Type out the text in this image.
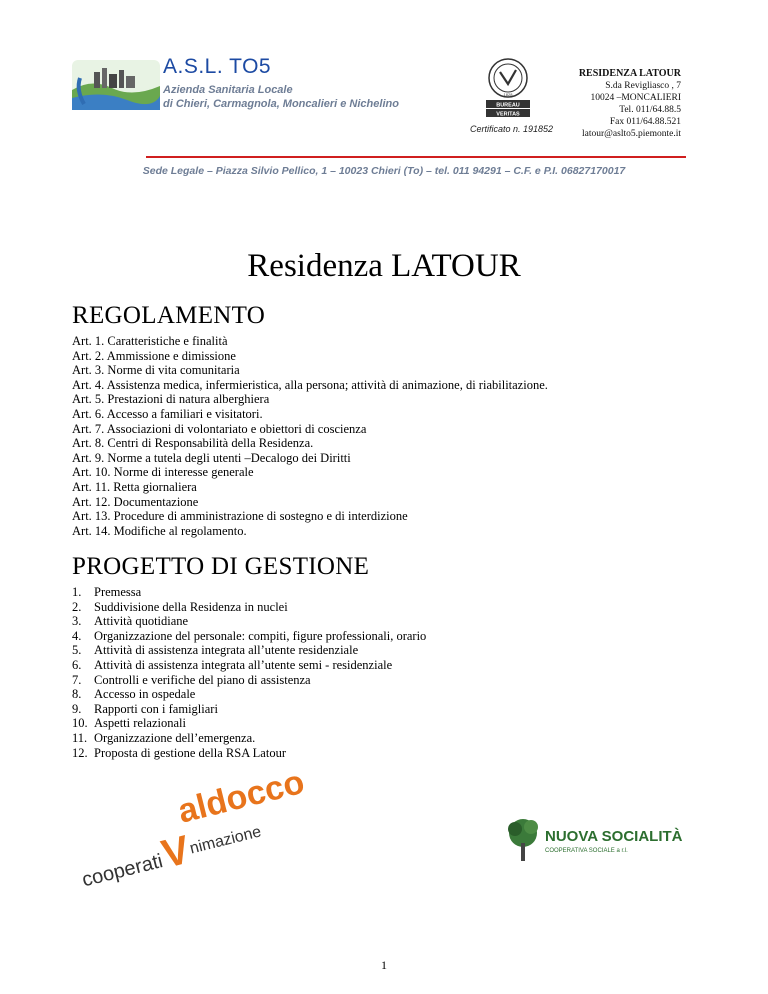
A.S.L. TO5
Azienda Sanitaria Locale
di Chieri, Carmagnola, Moncalieri e Nichelino
1828
BUREAU
VERITAS
Certificato n. 191852
RESIDENZA LATOUR
S.da Revigliasco , 7
10024 –MONCALIERI
Tel. 011/64.88.5
Fax 011/64.88.521
latour@aslto5.piemonte.it
Sede Legale – Piazza Silvio Pellico, 1 – 10023 Chieri (To) – tel. 011 94291 – C.F. e P.I. 06827170017
Residenza LATOUR
REGOLAMENTO
Art. 1. Caratteristiche e finalità
Art. 2. Ammissione e dimissione
Art. 3. Norme di vita comunitaria
Art. 4. Assistenza medica, infermieristica, alla persona; attività di animazione, di riabilitazione.
Art. 5. Prestazioni di natura alberghiera
Art. 6. Accesso a familiari e visitatori.
Art. 7. Associazioni di volontariato e obiettori di coscienza
Art. 8. Centri di Responsabilità della Residenza.
Art. 9. Norme a tutela degli utenti –Decalogo dei Diritti
Art. 10. Norme di interesse generale
Art. 11. Retta giornaliera
Art. 12. Documentazione
Art. 13. Procedure di amministrazione di sostegno e di interdizione
Art. 14. Modifiche al regolamento.
PROGETTO DI GESTIONE
1.	Premessa
2.	Suddivisione della Residenza in nuclei
3.	Attività quotidiane
4.	Organizzazione del personale: compiti, figure professionali, orario
5.	Attività di assistenza integrata all’utente residenziale
6.	Attività di assistenza integrata all’utente semi - residenziale
7.	Controlli e verifiche del piano di assistenza
8.	Accesso in ospedale
9.	Rapporti con i famigliari
10. Aspetti relazionali
11. Organizzazione dell’emergenza.
12. Proposta di gestione della RSA Latour
aldocco
cooperati
V
nimazione	NUOVA SOCIALITÀ
COOPERATIVA SOCIALE a r.l.
1
